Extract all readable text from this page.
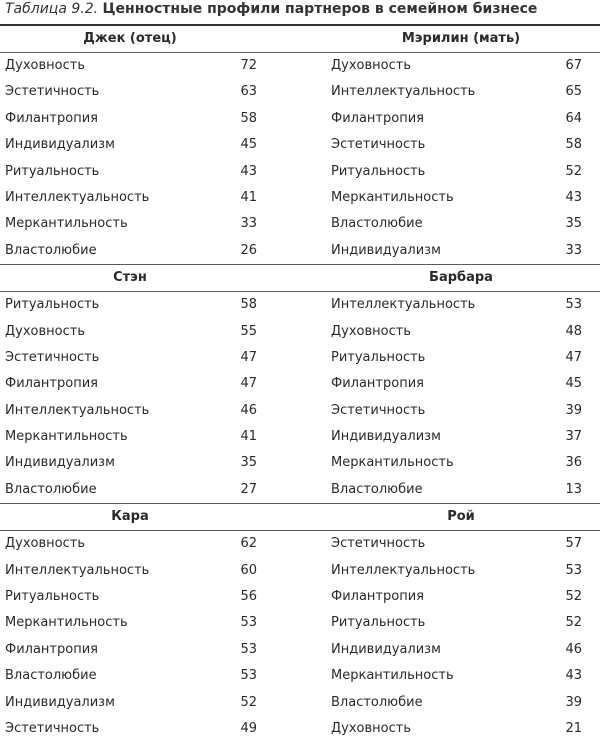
Таблица 9.2. Ценностные профили партнеров в семейном бизнесе
Джек (отец)	Мэрилин (мать)
Духовность	72	Духовность	67
Эстетичность	63	Интеллектуальность	65
Филантропия	58	Филантропия	64
Индивидуализм	45	Эстетичность	58
Ритуальность	43	Ритуальность	52
Интеллектуальность	41	Меркантильность	43
Меркантильность	33	Властолюбие	35
Властолюбие	26	Индивидуализм	33
Стэн	Барбара
Ритуальность	58	Интеллектуальность	53
Духовность	55	Духовность	48
Эстетичность	47	Ритуальность	47
Филантропия	47	Филантропия	45
Интеллектуальность	46	Эстетичность	39
Меркантильность	41	Индивидуализм	37
Индивидуализм	35	Меркантильность	36
Властолюбие	27	Властолюбие	13
Кара	Рой
Духовность	62	Эстетичность	57
Интеллектуальность	60	Интеллектуальность	53
Ритуальность	56	Филантропия	52
Меркантильность	53	Ритуальность	52
Филантропия	53	Индивидуализм	46
Властолюбие	53	Меркантильность	43
Индивидуализм	52	Властолюбие	39
Эстетичность	49	Духовность	21
